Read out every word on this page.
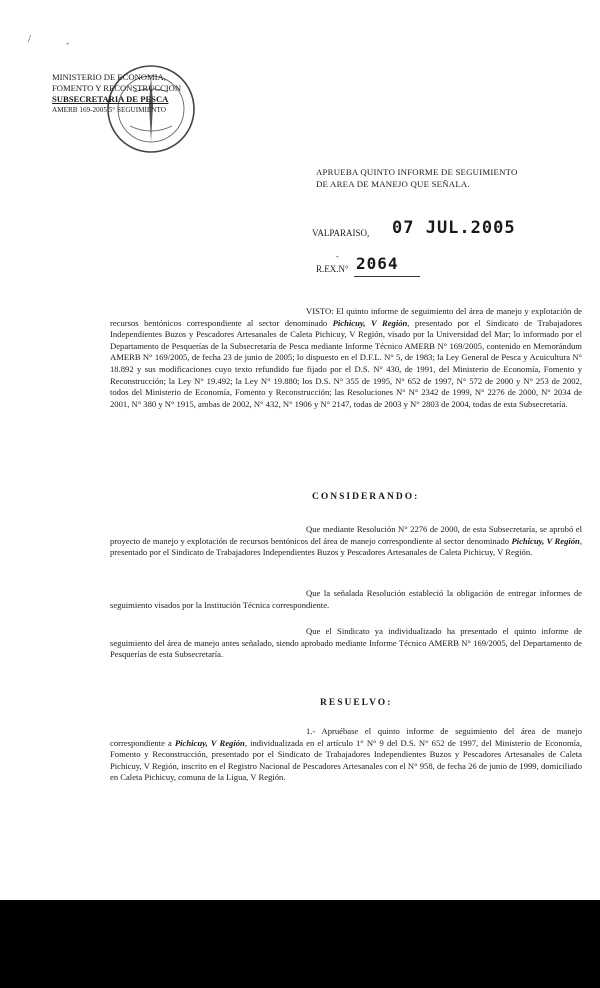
/	-
MINISTERIO DE ECONOMIA,
FOMENTO Y RECONSTRUCCION
SUBSECRETARIA DE PESCA
AMERB 169-2005 5° SEGUIMIENTO
APRUEBA QUINTO INFORME DE SEGUIMIENTO
DE AREA DE MANEJO QUE SEÑALA.
VALPARAISO, 07 JUL.2005
-
R.EX.N° 2064
VISTO: El quinto informe de seguimiento del área de manejo y explotación de recursos bentónicos correspondiente al sector denominado Pichicuy, V Región, presentado por el Sindicato de Trabajadores Independientes Buzos y Pescadores Artesanales de Caleta Pichicuy, V Región, visado por la Universidad del Mar; lo informado por el Departamento de Pesquerías de la Subsecretaría de Pesca mediante Informe Técnico AMERB N° 169/2005, contenido en Memorándum AMERB N° 169/2005, de fecha 23 de junio de 2005; lo dispuesto en el D.F.L. N° 5, de 1983; la Ley General de Pesca y Acuicultura N° 18.892 y sus modificaciones cuyo texto refundido fue fijado por el D.S. N° 430, de 1991, del Ministerio de Economía, Fomento y Reconstrucción; la Ley N° 19.492; la Ley N° 19.880; los D.S. N° 355 de 1995, N° 652 de 1997, N° 572 de 2000 y N° 253 de 2002, todos del Ministerio de Economía, Fomento y Reconstrucción; las Resoluciones N° N° 2342 de 1999, N° 2276 de 2000, N° 2034 de 2001, N° 380 y N° 1915, ambas de 2002, N° 432, N° 1906 y N° 2147, todas de 2003 y N° 2803 de 2004, todas de esta Subsecretaría.
CONSIDERANDO:
Que mediante Resolución N° 2276 de 2000, de esta Subsecretaría, se aprobó el proyecto de manejo y explotación de recursos bentónicos del área de manejo correspondiente al sector denominado Pichicuy, V Región, presentado por el Sindicato de Trabajadores Independientes Buzos y Pescadores Artesanales de Caleta Pichicuy, V Región.
Que la señalada Resolución estableció la obligación de entregar informes de seguimiento visados por la Institución Técnica correspondiente.
Que el Sindicato ya individualizado ha presentado el quinto informe de seguimiento del área de manejo antes señalado, siendo aprobado mediante Informe Técnico AMERB N° 169/2005, del Departamento de Pesquerías de esta Subsecretaría.
RESUELVO:
1.- Apruébase el quinto informe de seguimiento del área de manejo correspondiente a Pichicuy, V Región, individualizada en el artículo 1° N° 9 del D.S. N° 652 de 1997, del Ministerio de Economía, Fomento y Reconstrucción, presentado por el Sindicato de Trabajadores Independientes Buzos y Pescadores Artesanales de Caleta Pichicuy, V Región, inscrito en el Registro Nacional de Pescadores Artesanales con el N° 958, de fecha 26 de junio de 1999, domiciliado en Caleta Pichicuy, comuna de la Ligua, V Región.
